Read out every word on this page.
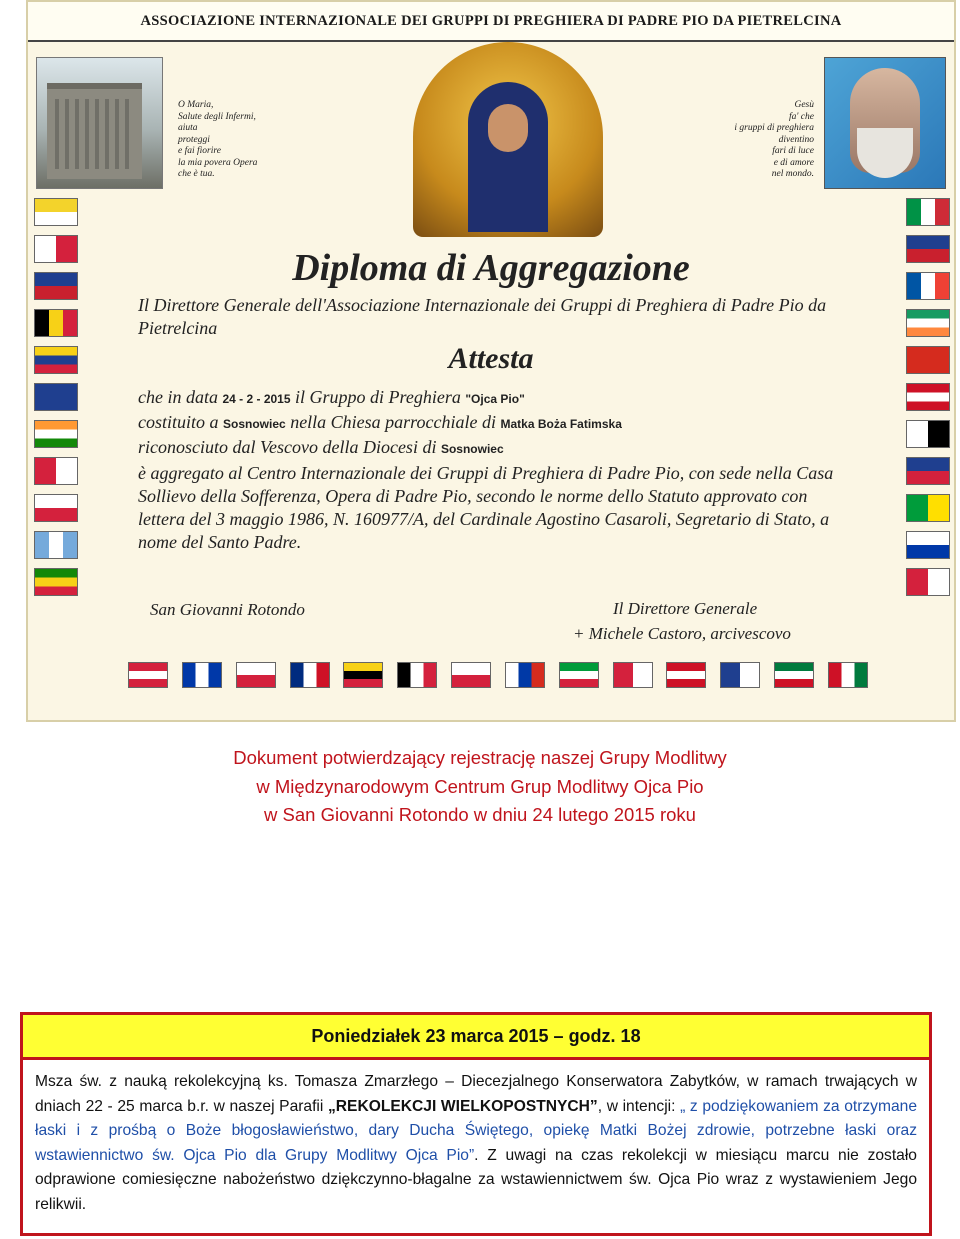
ASSOCIAZIONE INTERNAZIONALE DEI GRUPPI DI PREGHIERA DI PADRE PIO DA PIETRELCINA
O Maria,
Salute degli Infermi,
aiuta
proteggi
e fai fiorire
la mia povera Opera
che è tua.
Gesù
fa' che
i gruppi di preghiera
diventino
fari di luce
e di amore
nel mondo.
Diploma di Aggregazione
Il Direttore Generale dell'Associazione Internazionale dei Gruppi di Preghiera di Padre Pio da Pietrelcina
Attesta
che in data 24 - 2 - 2015 il Gruppo di Preghiera "Ojca Pio"
costituito a Sosnowiec nella Chiesa parrocchiale di Matka Boża Fatimska
riconosciuto dal Vescovo della Diocesi di Sosnowiec
è aggregato al Centro Internazionale dei Gruppi di Preghiera di Padre Pio, con sede nella Casa Sollievo della Sofferenza, Opera di Padre Pio, secondo le norme dello Statuto approvato con lettera del 3 maggio 1986, N. 160977/A, del Cardinale Agostino Casaroli, Segretario di Stato, a nome del Santo Padre.
San Giovanni Rotondo	Il Direttore Generale
+ Michele Castoro, arcivescovo
Dokument potwierdzający rejestrację naszej Grupy Modlitwy
w Międzynarodowym Centrum Grup Modlitwy Ojca Pio
w San Giovanni Rotondo w dniu 24 lutego 2015 roku
Poniedziałek 23 marca 2015 – godz. 18
Msza św. z nauką rekolekcyjną ks. Tomasza Zmarzłego – Diecezjalnego Konserwatora Zabytków, w ramach trwających w dniach 22 - 25 marca b.r. w naszej Parafii „REKOLEKCJI WIELKOPOSTNYCH”, w intencji: „ z podziękowaniem za otrzymane łaski i z prośbą o Boże błogosławieństwo, dary Ducha Świętego, opiekę Matki Bożej zdrowie, potrzebne łaski oraz wstawiennictwo św. Ojca Pio dla Grupy Modlitwy Ojca Pio”. Z uwagi na czas rekolekcji w miesiącu marcu nie zostało odprawione comiesięczne nabożeństwo dziękczynno-błagalne za wstawiennictwem św. Ojca Pio wraz z wystawieniem Jego relikwii.
